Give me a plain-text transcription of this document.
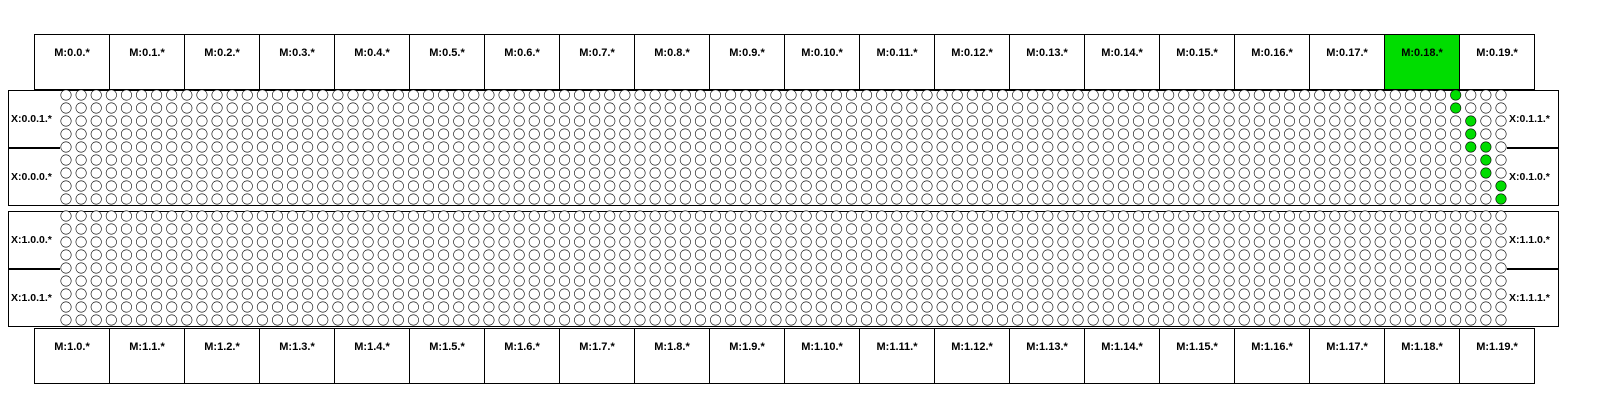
M:0.0.*	M:0.1.*	M:0.2.*	M:0.3.*	M:0.4.*	M:0.5.*	M:0.6.*	M:0.7.*	M:0.8.*	M:0.9.*	M:0.10.*	M:0.11.*	M:0.12.*	M:0.13.*	M:0.14.*	M:0.15.*	M:0.16.*	M:0.17.*	M:0.18.*	M:0.19.*
M:1.0.*	M:1.1.*	M:1.2.*	M:1.3.*	M:1.4.*	M:1.5.*	M:1.6.*	M:1.7.*	M:1.8.*	M:1.9.*	M:1.10.*	M:1.11.*	M:1.12.*	M:1.13.*	M:1.14.*	M:1.15.*	M:1.16.*	M:1.17.*	M:1.18.*	M:1.19.*
X:0.0.1.*
X:0.0.0.*
X:1.0.0.*
X:1.0.1.*
X:0.1.1.*
X:0.1.0.*
X:1.1.0.*
X:1.1.1.*
